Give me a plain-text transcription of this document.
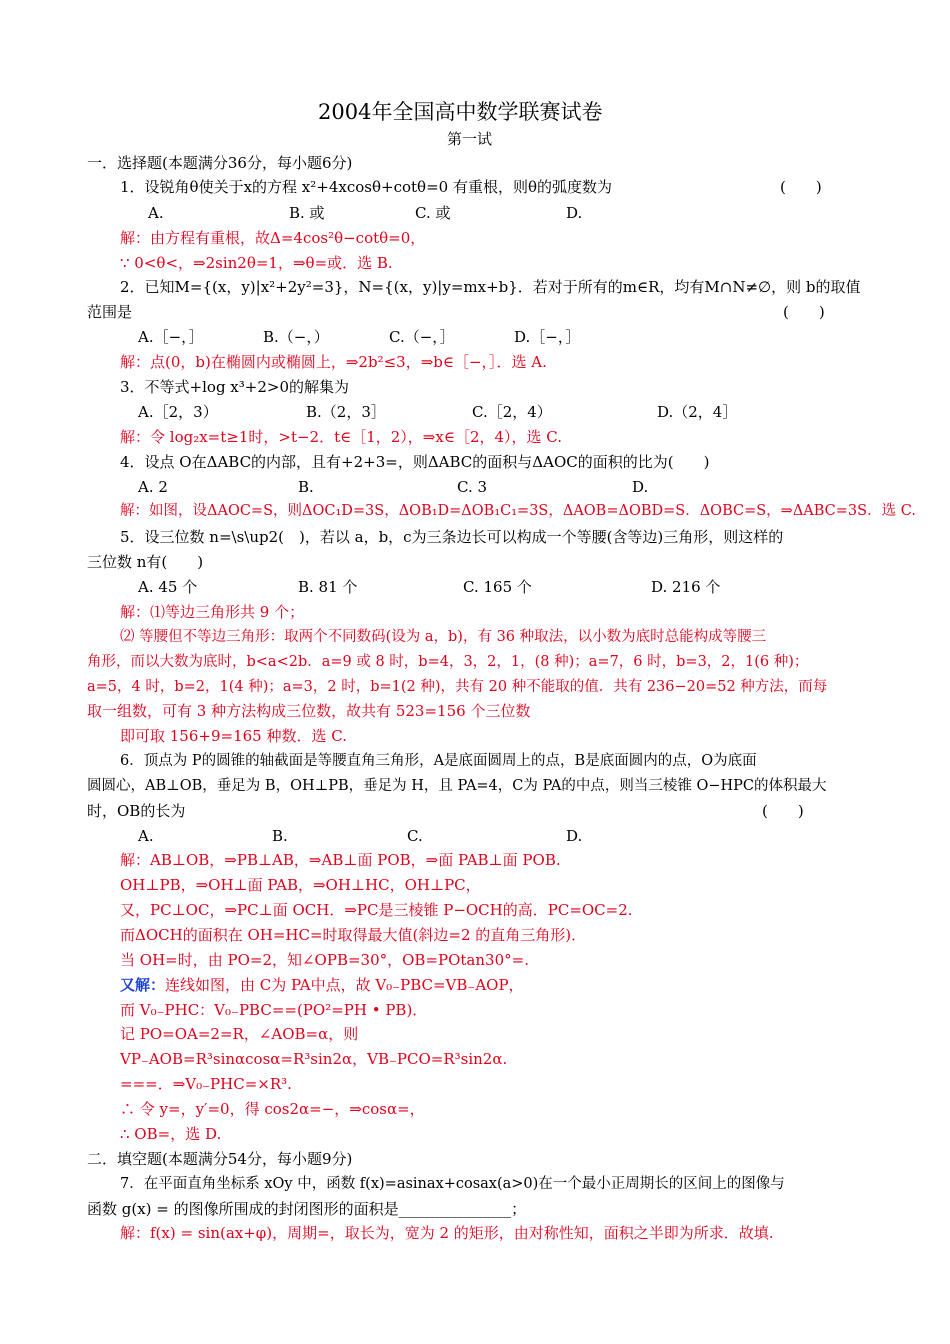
2004年全国高中数学联赛试卷
第一试
一．选择题(本题满分36分，每小题6分)
1．设锐角θ使关于x的方程 x²+4xcosθ+cotθ=0 有重根，则θ的弧度数为	(　　)
A.	B. 或	C. 或	D.
解：由方程有重根，故Δ=4cos²θ−cotθ=0，
∵ 0<θ<，⇒2sin2θ=1，⇒θ=或．选 B.
2．已知M={(x，y)|x²+2y²=3}，N={(x，y)|y=mx+b}．若对于所有的m∈R，均有M∩N≠∅，则 b的取值
范围是	(　　)
A.［−，］	B.（−，）	C.（−，］	D.［−，］
解：点(0，b)在椭圆内或椭圆上，⇒2b²≤3，⇒b∈［−，］．选 A.
3．不等式+log x³+2>0的解集为
A.［2，3）	B.（2，3］	C.［2，4）	D.（2，4］
解：令 log₂x=t≥1时，>t−2．t∈［1，2），⇒x∈［2，4），选 C.
4．设点 O在ΔABC的内部，且有+2+3=，则ΔABC的面积与ΔAOC的面积的比为(　　)
A. 2	B.	C. 3	D.
解：如图，设ΔAOC=S，则ΔOC₁D=3S，ΔOB₁D=ΔOB₁C₁=3S，ΔAOB=ΔOBD=S．ΔOBC=S，⇒ΔABC=3S．选 C.
5．设三位数 n=\s\up2(　)，若以 a，b，c为三条边长可以构成一个等腰(含等边)三角形，则这样的
三位数 n有(　　)
A. 45 个	B. 81 个	C. 165 个	D. 216 个
解：⑴等边三角形共 9 个；
⑵ 等腰但不等边三角形：取两个不同数码(设为 a，b)，有 36 种取法，以小数为底时总能构成等腰三
角形，而以大数为底时，b<a<2b．a=9 或 8 时，b=4，3，2，1，(8 种)；a=7，6 时，b=3，2，1(6 种)；
a=5，4 时，b=2，1(4 种)；a=3，2 时，b=1(2 种)，共有 20 种不能取的值．共有 236−20=52 种方法，而每
取一组数，可有 3 种方法构成三位数，故共有 523=156 个三位数
即可取 156+9=165 种数．选 C.
6．顶点为 P的圆锥的轴截面是等腰直角三角形，A是底面圆周上的点，B是底面圆内的点，O为底面
圆圆心，AB⊥OB，垂足为 B，OH⊥PB，垂足为 H，且 PA=4，C为 PA的中点，则当三棱锥 O−HPC的体积最大
时，OB的长为	(　　)
A.	B.	C.	D.
解：AB⊥OB，⇒PB⊥AB，⇒AB⊥面 POB，⇒面 PAB⊥面 POB.
OH⊥PB，⇒OH⊥面 PAB，⇒OH⊥HC，OH⊥PC，
又，PC⊥OC，⇒PC⊥面 OCH．⇒PC是三棱锥 P−OCH的高．PC=OC=2.
而ΔOCH的面积在 OH=HC=时取得最大值(斜边=2 的直角三角形)．
当 OH=时，由 PO=2，知∠OPB=30°，OB=POtan30°=.
又解：连线如图，由 C为 PA中点，故 V₀₋PBC=VB₋AOP，
而 V₀₋PHC：V₀₋PBC==(PO²=PH • PB)．
记 PO=OA=2=R，∠AOB=α，则
VP₋AOB=R³sinαcosα=R³sin2α，VB₋PCO=R³sin2α.
===．⇒V₀₋PHC=×R³.
∴ 令 y=，y′=0，得 cos2α=−，⇒cosα=，
∴ OB=，选 D.
二．填空题(本题满分54分，每小题9分)
7．在平面直角坐标系 xOy 中，函数 f(x)=asinax+cosax(a>0)在一个最小正周期长的区间上的图像与
函数 g(x) = 的图像所围成的封闭图形的面积是_______________；
解：f(x) = sin(ax+φ)，周期=，取长为，宽为 2 的矩形，由对称性知，面积之半即为所求．故填.
